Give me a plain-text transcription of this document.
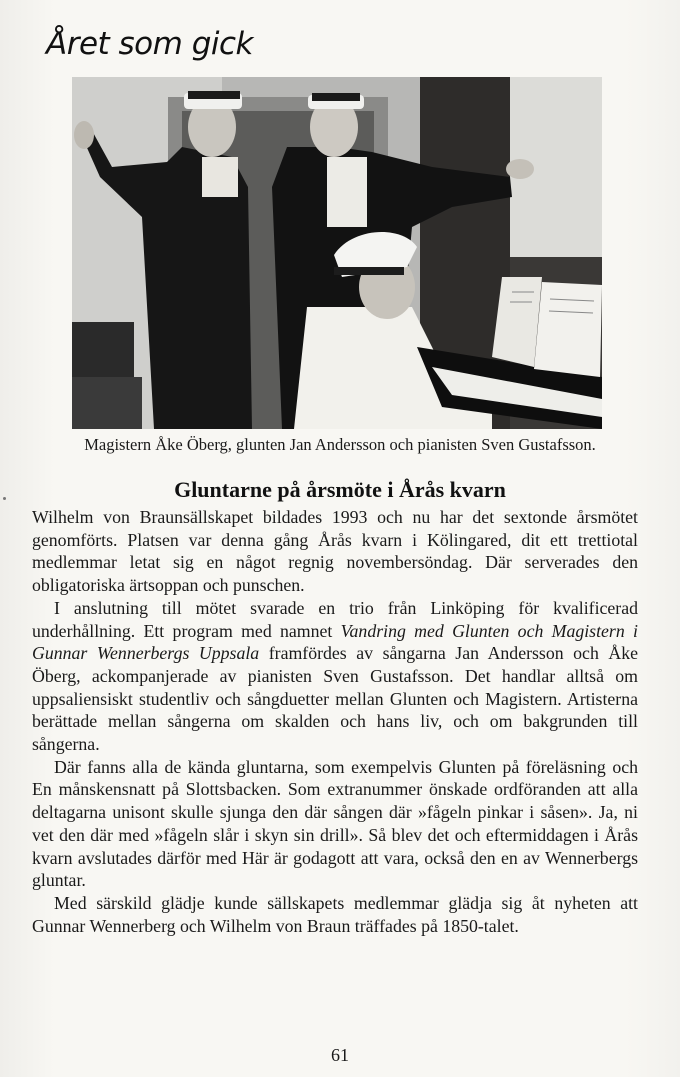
Året som gick
Magistern Åke Öberg, glunten Jan Andersson och pianisten Sven Gustafsson.
Gluntarne på årsmöte i Årås kvarn

Wilhelm von Braunsällskapet bildades 1993 och nu har det sextonde årsmötet genomförts. Platsen var denna gång Årås kvarn i Kölingared, dit ett trettiotal medlemmar letat sig en något regnig novembersöndag. Där serverades den obligatoriska ärtsoppan och punschen.

I anslutning till mötet svarade en trio från Linköping för kvalificerad underhållning. Ett program med namnet Vandring med Glunten och Magistern i Gunnar Wennerbergs Uppsala framfördes av sångarna Jan Andersson och Åke Öberg, ackompanjerade av pianisten Sven Gustafsson. Det handlar alltså om uppsaliensiskt studentliv och sångduetter mellan Glunten och Magistern. Artisterna berättade mellan sångerna om skalden och hans liv, och om bakgrunden till sångerna.

Där fanns alla de kända gluntarna, som exempelvis Glunten på föreläsning och En månskensnatt på Slottsbacken. Som extranummer önskade ordföranden att alla deltagarna unisont skulle sjunga den där sången där »fågeln pinkar i såsen». Ja, ni vet den där med »fågeln slår i skyn sin drill». Så blev det och eftermiddagen i Årås kvarn avslutades därför med Här är godagott att vara, också den en av Wennerbergs gluntar.

Med särskild glädje kunde sällskapets medlemmar glädja sig åt nyheten att Gunnar Wennerberg och Wilhelm von Braun träffades på 1850-talet.

61
